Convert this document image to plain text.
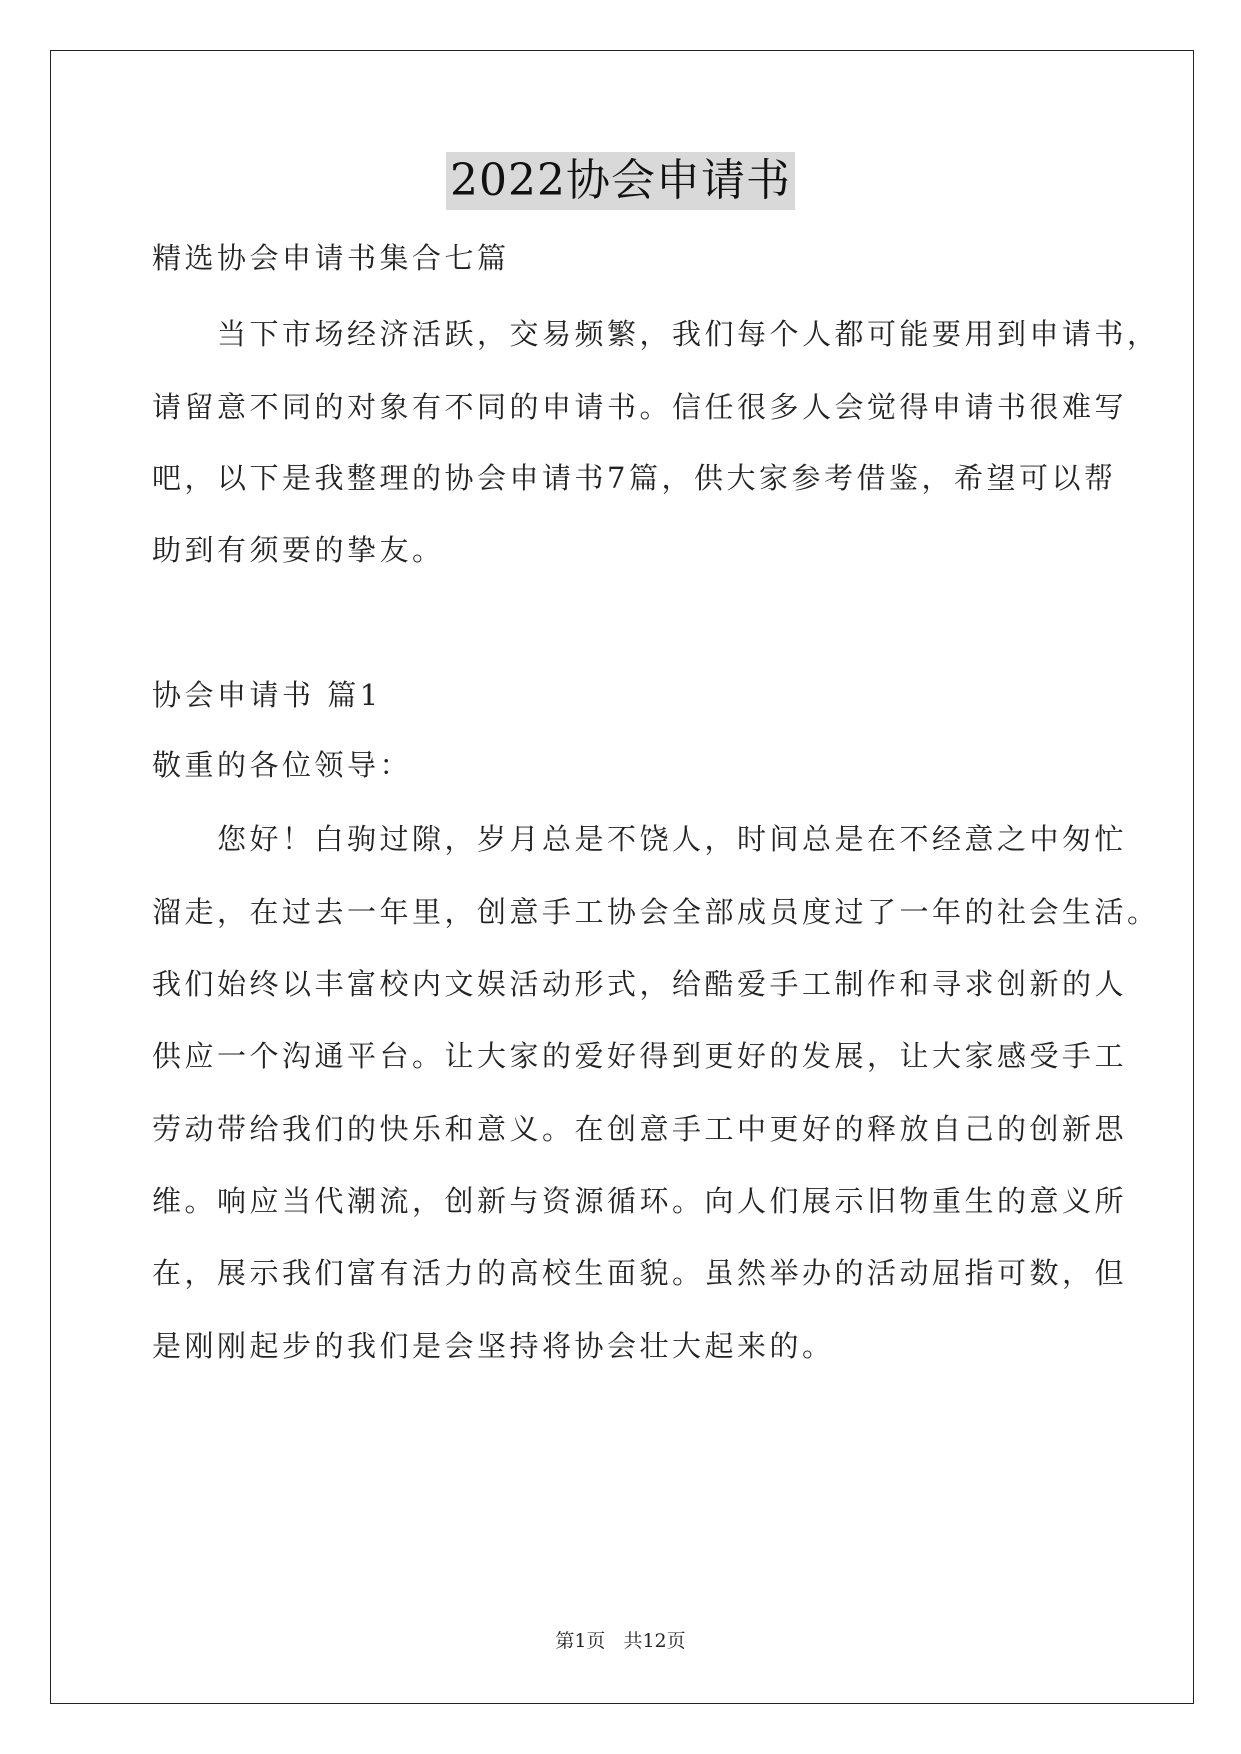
2022协会申请书
精选协会申请书集合七篇
　　当下市场经济活跃，交易频繁，我们每个人都可能要用到申请书，
请留意不同的对象有不同的申请书。信任很多人会觉得申请书很难写
吧，以下是我整理的协会申请书7篇，供大家参考借鉴，希望可以帮
助到有须要的挚友。
协会申请书 篇1
敬重的各位领导：
　　您好！白驹过隙，岁月总是不饶人，时间总是在不经意之中匆忙
溜走，在过去一年里，创意手工协会全部成员度过了一年的社会生活。
我们始终以丰富校内文娱活动形式，给酷爱手工制作和寻求创新的人
供应一个沟通平台。让大家的爱好得到更好的发展，让大家感受手工
劳动带给我们的快乐和意义。在创意手工中更好的释放自己的创新思
维。响应当代潮流，创新与资源循环。向人们展示旧物重生的意义所
在，展示我们富有活力的高校生面貌。虽然举办的活动屈指可数，但
是刚刚起步的我们是会坚持将协会壮大起来的。
第1页 共12页
